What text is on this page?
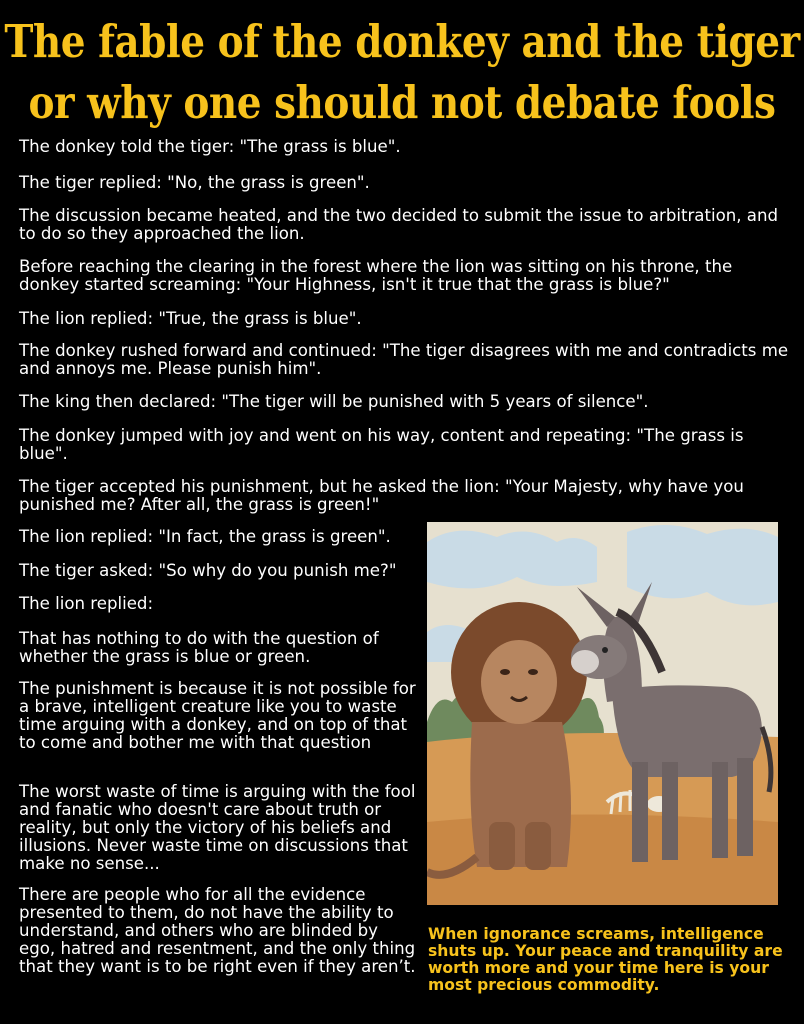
The fable of the donkey and the tiger
or why one should not debate fools
The donkey told the tiger: "The grass is blue".
The tiger replied: "No, the grass is green".
The discussion became heated, and the two decided to submit the issue to arbitration, and to do so they approached the lion.
Before reaching the clearing in the forest where the lion was sitting on his throne, the donkey started screaming: "Your Highness, isn't it true that the grass is blue?"
The lion replied: "True, the grass is blue".
The donkey rushed forward and continued: "The tiger disagrees with me and contradicts me and annoys me. Please punish him".
The king then declared: "The tiger will be punished with 5 years of silence".
The donkey jumped with joy and went on his way, content and repeating: "The grass is blue".
The tiger accepted his punishment, but he asked the lion: "Your Majesty, why have you punished me? After all, the grass is green!"
The lion replied: "In fact, the grass is green".
The tiger asked: "So why do you punish me?"
The lion replied:
That has nothing to do with the question of whether the grass is blue or green.
The punishment is because it is not possible for a brave, intelligent creature like you to waste time arguing with a donkey, and on top of that to come and bother me with that question
The worst waste of time is arguing with the fool and fanatic who doesn't care about truth or reality, but only the victory of his beliefs and illusions. Never waste time on discussions that make no sense...
There are people who for all the evidence presented to them, do not have the ability to understand, and others who are blinded by ego, hatred and resentment, and the only thing that they want is to be right even if they aren’t.
When ignorance screams, intelligence shuts up. Your peace and tranquility are worth more and your time here is your most precious commodity.
